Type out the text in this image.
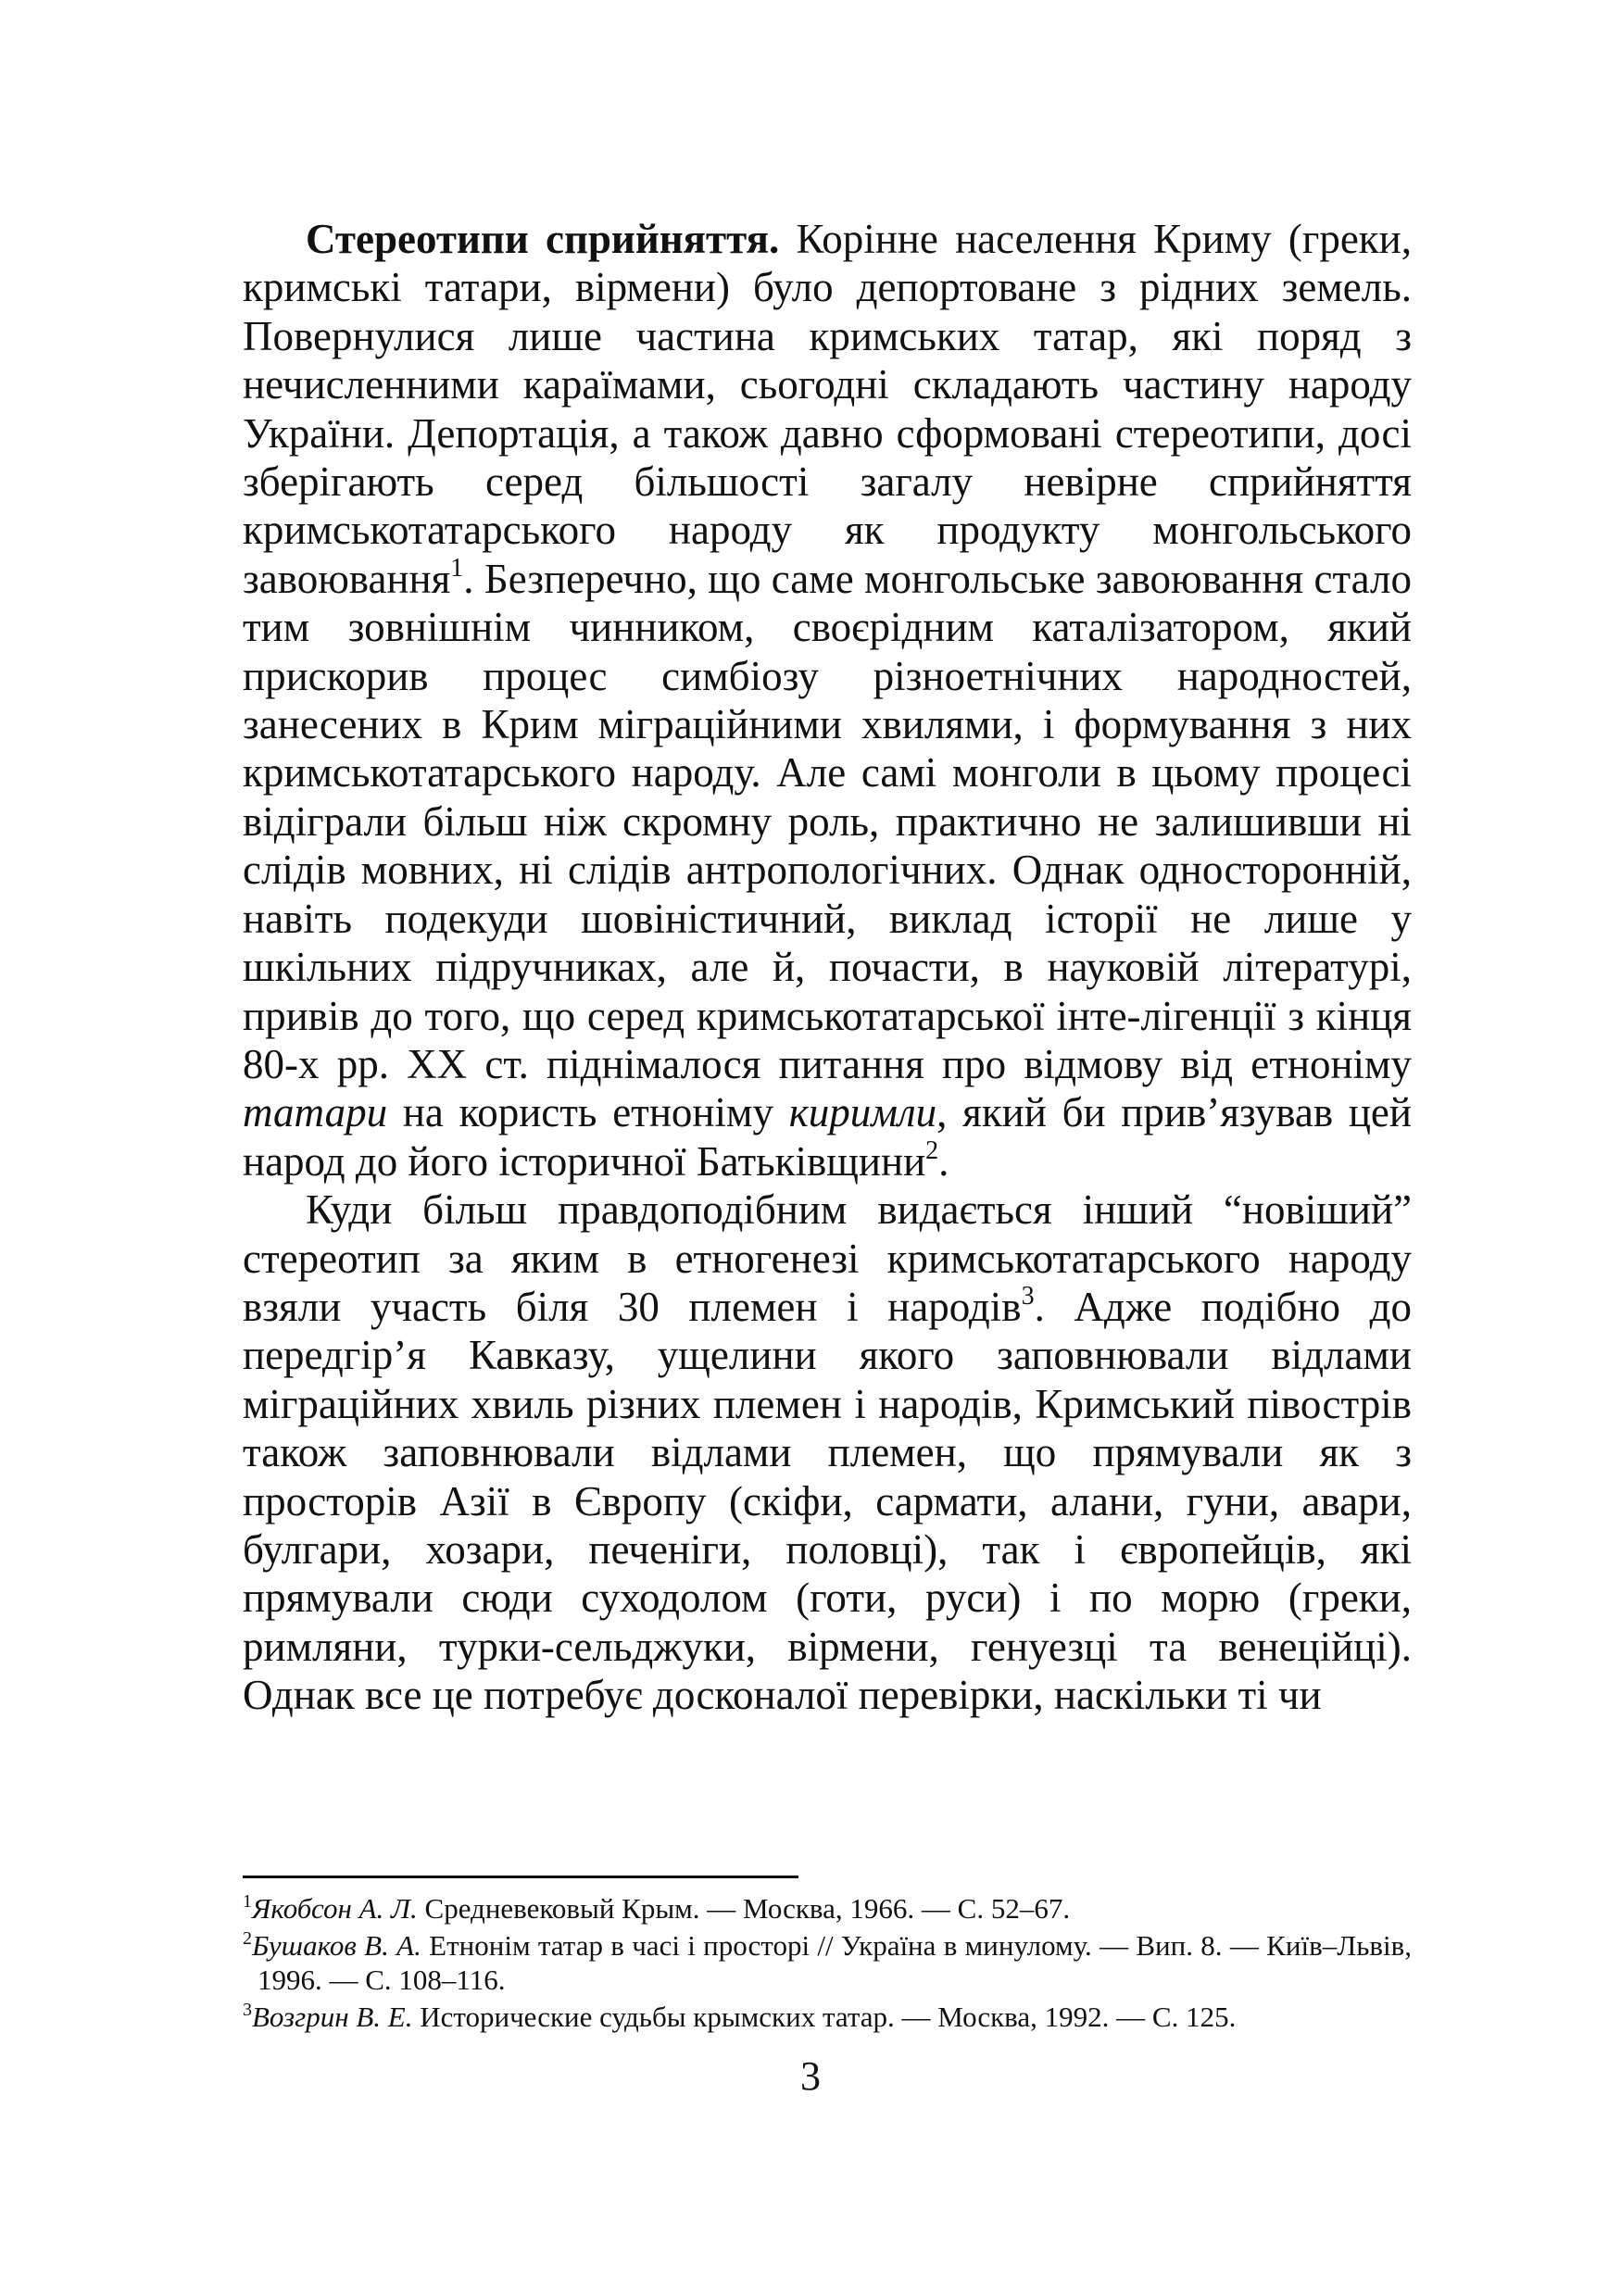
Стереотипи сприйняття. Корінне населення Криму (греки, кримські татари, вірмени) було депортоване з рідних земель. Повернулися лише частина кримських татар, які поряд з нечисленними караїмами, сьогодні складають частину народу України. Депортація, а також давно сформовані стереотипи, досі зберігають серед більшості загалу невірне сприйняття кримськотатарського народу як продукту монгольського завоювання$^1$. Безперечно, що саме монгольське завоювання стало тим зовнішнім чинником, своєрідним каталізатором, який прискорив процес симбіозу різноетнічних народностей, занесених в Крим міграційними хвилями, і формування з них кримськотатарського народу. Але самі монголи в цьому процесі відіграли більш ніж скромну роль, практично не залишивши ні слідів мовних, ні слідів антропологічних. Однак односторонній, навіть подекуди шовіністичний, виклад історії не лише у шкільних підручниках, але й, почасти, в науковій літературі, привів до того, що серед кримськотатарської інте-лігенції з кінця 80-х рр. XX ст. піднімалося питання про відмову від етноніму татари на користь етноніму киримли, який би прив’язував цей народ до його історичної Батьківщини$^2$.

Куди більш правдоподібним видається інший “новіший” стереотип за яким в етногенезі кримськотатарського народу взяли участь біля 30 племен і народів$^3$. Адже подібно до передгір’я Кавказу, ущелини якого заповнювали відлами міграційних хвиль різних племен і народів, Кримський півострів також заповнювали відлами племен, що прямували як з просторів Азії в Європу (скіфи, сармати, алани, гуни, авари, булгари, хозари, печеніги, половці), так і європейців, які прямували сюди суходолом (готи, руси) і по морю (греки, римляни, турки-сельджуки, вірмени, генуезці та венеційці). Однак все це потребує досконалої перевірки, наскільки ті чи

$^1$Якобсон А. Л. Средневековый Крым. — Москва, 1966. — С. 52–67.

$^2$Бушаков В. А. Етнонім татар в часі і просторі // Україна в минулому. — Вип. 8. — Київ–Львів, 1996. — С. 108–116.

$^3$Возгрин В. Е. Исторические судьбы крымских татар. — Москва, 1992. — С. 125.

3
